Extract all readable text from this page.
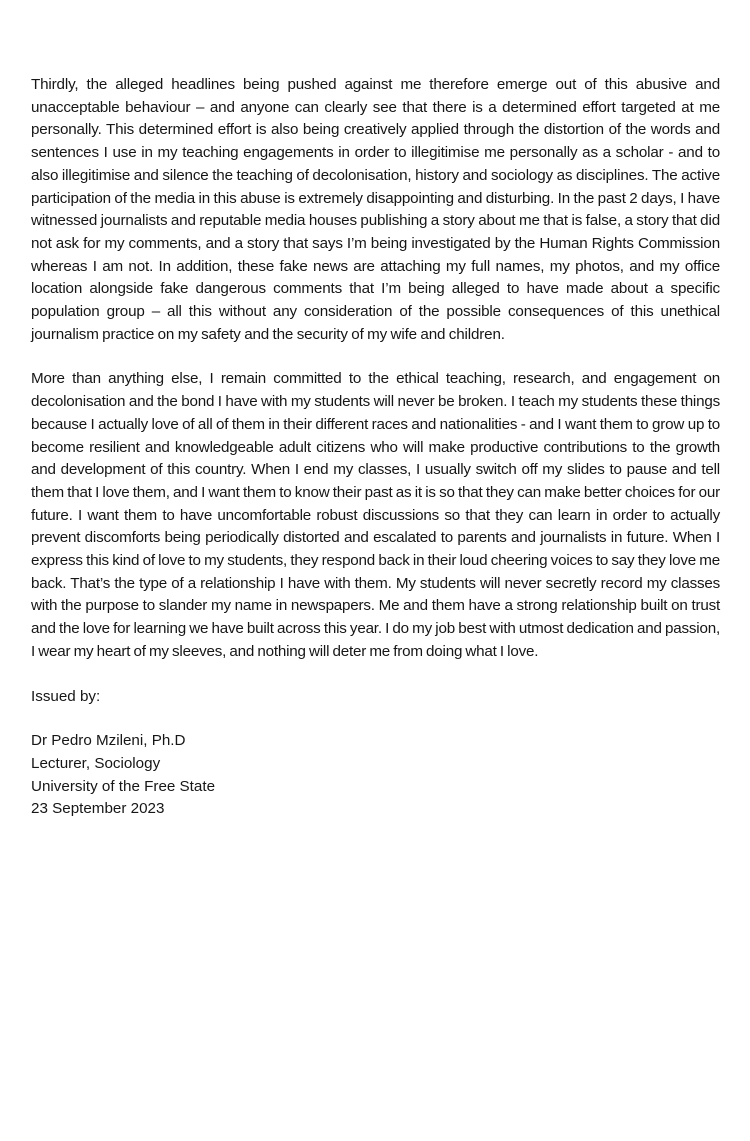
Thirdly, the alleged headlines being pushed against me therefore emerge out of this abusive and unacceptable behaviour – and anyone can clearly see that there is a determined effort targeted at me personally. This determined effort is also being creatively applied through the distortion of the words and sentences I use in my teaching engagements in order to illegitimise me personally as a scholar - and to also illegitimise and silence the teaching of decolonisation, history and sociology as disciplines. The active participation of the media in this abuse is extremely disappointing and disturbing. In the past 2 days, I have witnessed journalists and reputable media houses publishing a story about me that is false, a story that did not ask for my comments, and a story that says I’m being investigated by the Human Rights Commission whereas I am not. In addition, these fake news are attaching my full names, my photos, and my office location alongside fake dangerous comments that I’m being alleged to have made about a specific population group – all this without any consideration of the possible consequences of this unethical journalism practice on my safety and the security of my wife and children.

More than anything else, I remain committed to the ethical teaching, research, and engagement on decolonisation and the bond I have with my students will never be broken. I teach my students these things because I actually love of all of them in their different races and nationalities - and I want them to grow up to become resilient and knowledgeable adult citizens who will make productive contributions to the growth and development of this country. When I end my classes, I usually switch off my slides to pause and tell them that I love them, and I want them to know their past as it is so that they can make better choices for our future. I want them to have uncomfortable robust discussions so that they can learn in order to actually prevent discomforts being periodically distorted and escalated to parents and journalists in future. When I express this kind of love to my students, they respond back in their loud cheering voices to say they love me back. That’s the type of a relationship I have with them. My students will never secretly record my classes with the purpose to slander my name in newspapers. Me and them have a strong relationship built on trust and the love for learning we have built across this year. I do my job best with utmost dedication and passion, I wear my heart of my sleeves, and nothing will deter me from doing what I love.

Issued by:

Dr Pedro Mzileni, Ph.D
Lecturer, Sociology
University of the Free State
23 September 2023
